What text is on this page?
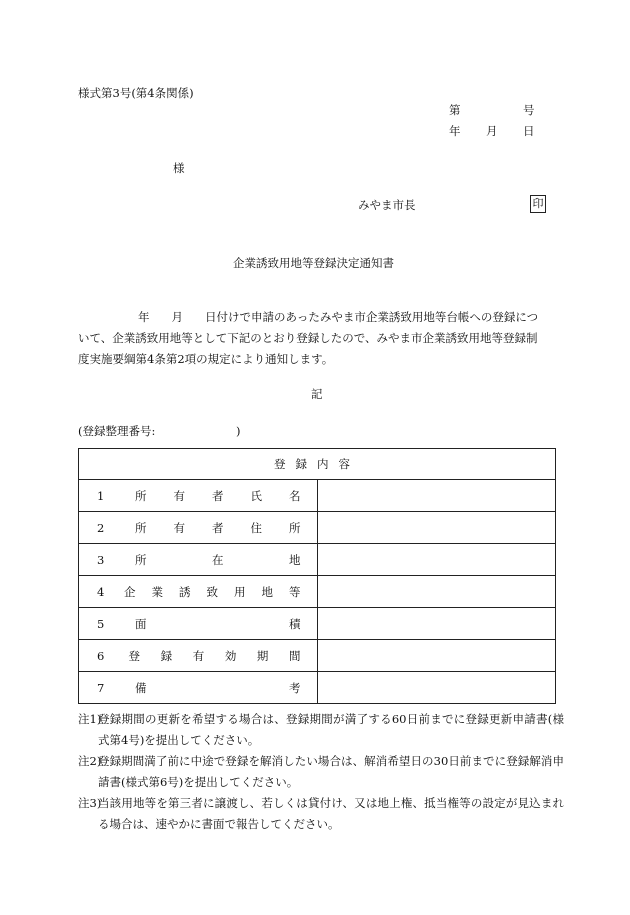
様式第3号(第4条関係)
第	号
年 月 日
様
みやま市長	印
企業誘致用地等登録決定通知書
年 月 日付けで申請のあったみやま市企業誘致用地等台帳への登録につ
いて、企業誘致用地等として下記のとおり登録したので、みやま市企業誘致用地等登録制
度実施要綱第4条第2項の規定により通知します。
記
(登録整理番号:	)
登録内容	
1 所有者氏名	
2 所有者住所	
3 所　在　地	
4 企業誘致用地等	
5 面　　　積	
6 登録有効期間	
7 備　　　考	
注1)
登録期間の更新を希望する場合は、登録期間が満了する60日前までに登録更新申請書(様式第4号)を提出してください。
注2)
登録期間満了前に中途で登録を解消したい場合は、解消希望日の30日前までに登録解消申請書(様式第6号)を提出してください。
注3)
当該用地等を第三者に譲渡し、若しくは貸付け、又は地上権、抵当権等の設定が見込まれる場合は、速やかに書面で報告してください。
